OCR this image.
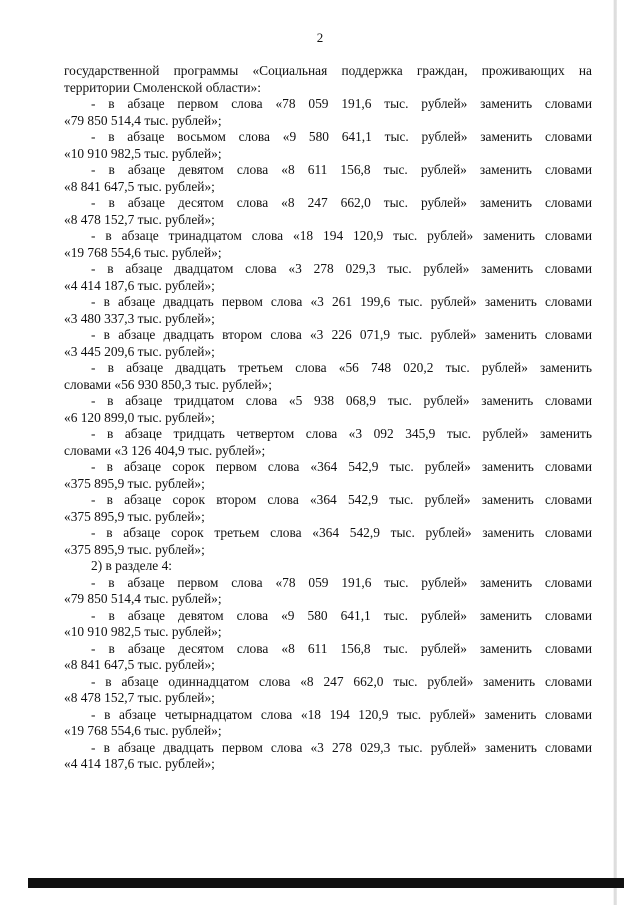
2

государственной программы «Социальная поддержка граждан, проживающих на

территории Смоленской области»:

- в абзаце первом слова «78 059 191,6 тыс. рублей» заменить словами

«79 850 514,4 тыс. рублей»;

- в абзаце восьмом слова «9 580 641,1 тыс. рублей» заменить словами

«10 910 982,5 тыс. рублей»;

- в абзаце девятом слова «8 611 156,8 тыс. рублей» заменить словами

«8 841 647,5 тыс. рублей»;

- в абзаце десятом слова «8 247 662,0 тыс. рублей» заменить словами

«8 478 152,7 тыс. рублей»;

- в абзаце тринадцатом слова «18 194 120,9 тыс. рублей» заменить словами

«19 768 554,6 тыс. рублей»;

- в абзаце двадцатом слова «3 278 029,3 тыс. рублей» заменить словами

«4 414 187,6 тыс. рублей»;

- в абзаце двадцать первом слова «3 261 199,6 тыс. рублей» заменить словами

«3 480 337,3 тыс. рублей»;

- в абзаце двадцать втором слова «3 226 071,9 тыс. рублей» заменить словами

«3 445 209,6 тыс. рублей»;

- в абзаце двадцать третьем слова «56 748 020,2 тыс. рублей» заменить

словами «56 930 850,3 тыс. рублей»;

- в абзаце тридцатом слова «5 938 068,9 тыс. рублей» заменить словами

«6 120 899,0 тыс. рублей»;

- в абзаце тридцать четвертом слова «3 092 345,9 тыс. рублей» заменить

словами «3 126 404,9 тыс. рублей»;

- в абзаце сорок первом слова «364 542,9 тыс. рублей» заменить словами

«375 895,9 тыс. рублей»;

- в абзаце сорок втором слова «364 542,9 тыс. рублей» заменить словами

«375 895,9 тыс. рублей»;

- в абзаце сорок третьем слова «364 542,9 тыс. рублей» заменить словами

«375 895,9 тыс. рублей»;

2) в разделе 4:

- в абзаце первом слова «78 059 191,6 тыс. рублей» заменить словами

«79 850 514,4 тыс. рублей»;

- в абзаце девятом слова «9 580 641,1 тыс. рублей» заменить словами

«10 910 982,5 тыс. рублей»;

- в абзаце десятом слова «8 611 156,8 тыс. рублей» заменить словами

«8 841 647,5 тыс. рублей»;

- в абзаце одиннадцатом слова «8 247 662,0 тыс. рублей» заменить словами

«8 478 152,7 тыс. рублей»;

- в абзаце четырнадцатом слова «18 194 120,9 тыс. рублей» заменить словами

«19 768 554,6 тыс. рублей»;

- в абзаце двадцать первом слова «3 278 029,3 тыс. рублей» заменить словами

«4 414 187,6 тыс. рублей»;
